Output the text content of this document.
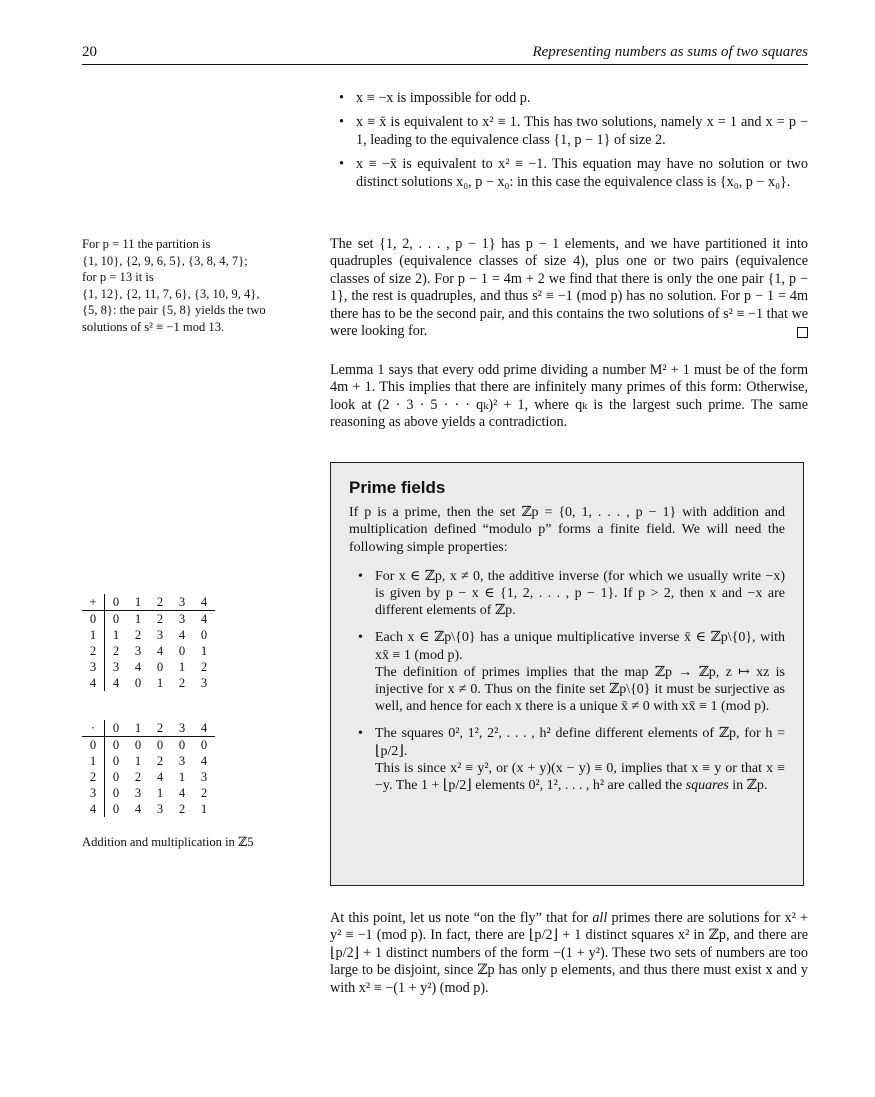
20	Representing numbers as sums of two squares
• x ≡ −x is impossible for odd p.
• x ≡ x̄ is equivalent to x² ≡ 1. This has two solutions, namely x = 1 and x = p − 1, leading to the equivalence class {1, p − 1} of size 2.
• x ≡ −x̄ is equivalent to x² ≡ −1. This equation may have no solution or two distinct solutions x₀, p − x₀: in this case the equivalence class is {x₀, p − x₀}.

The set {1, 2, . . . , p − 1} has p − 1 elements, and we have partitioned it into quadruples (equivalence classes of size 4), plus one or two pairs (equivalence classes of size 2). For p − 1 = 4m + 2 we find that there is only the one pair {1, p − 1}, the rest is quadruples, and thus s² ≡ −1 (mod p) has no solution. For p − 1 = 4m there has to be the second pair, and this contains the two solutions of s² ≡ −1 that we were looking for.

For p = 11 the partition is

{1, 10}, {2, 9, 6, 5}, {3, 8, 4, 7};

for p = 13 it is

{1, 12}, {2, 11, 7, 6}, {3, 10, 9, 4},

{5, 8}: the pair {5, 8} yields the two

solutions of s² ≡ −1 mod 13.

Lemma 1 says that every odd prime dividing a number M² + 1 must be of the form 4m + 1. This implies that there are infinitely many primes of this form: Otherwise, look at (2 · 3 · 5 · · · qₖ)² + 1, where qₖ is the largest such prime. The same reasoning as above yields a contradiction.

Prime fields

If p is a prime, then the set ℤp = {0, 1, . . . , p − 1} with addition and multiplication defined “modulo p” forms a finite field. We will need the following simple properties:

• For x ∈ ℤp, x ≠ 0, the additive inverse (for which we usually write −x) is given by p − x ∈ {1, 2, . . . , p − 1}. If p > 2, then x and −x are different elements of ℤp.
• Each x ∈ ℤp\{0} has a unique multiplicative inverse x̄ ∈ ℤp\{0}, with xx̄ ≡ 1 (mod p).
The definition of primes implies that the map ℤp → ℤp, z ↦ xz is injective for x ≠ 0. Thus on the finite set ℤp\{0} it must be surjective as well, and hence for each x there is a unique x̄ ≠ 0 with xx̄ ≡ 1 (mod p).
• The squares 0², 1², 2², . . . , h² define different elements of ℤp, for h = ⌊p/2⌋.
This is since x² ≡ y², or (x + y)(x − y) ≡ 0, implies that x ≡ y or that x ≡ −y. The 1 + ⌊p/2⌋ elements 0², 1², . . . , h² are called the squares in ℤp.
+	0	1	2	3	4
0	0	1	2	3	4
1	1	2	3	4	0
2	2	3	4	0	1
3	3	4	0	1	2
4	4	0	1	2	3
·	0	1	2	3	4
0	0	0	0	0	0
1	0	1	2	3	4
2	0	2	4	1	3
3	0	3	1	4	2
4	0	4	3	2	1
Addition and multiplication in ℤ5

At this point, let us note “on the fly” that for all primes there are solutions for x² + y² ≡ −1 (mod p). In fact, there are ⌊p/2⌋ + 1 distinct squares x² in ℤp, and there are ⌊p/2⌋ + 1 distinct numbers of the form −(1 + y²). These two sets of numbers are too large to be disjoint, since ℤp has only p elements, and thus there must exist x and y with x² ≡ −(1 + y²) (mod p).
